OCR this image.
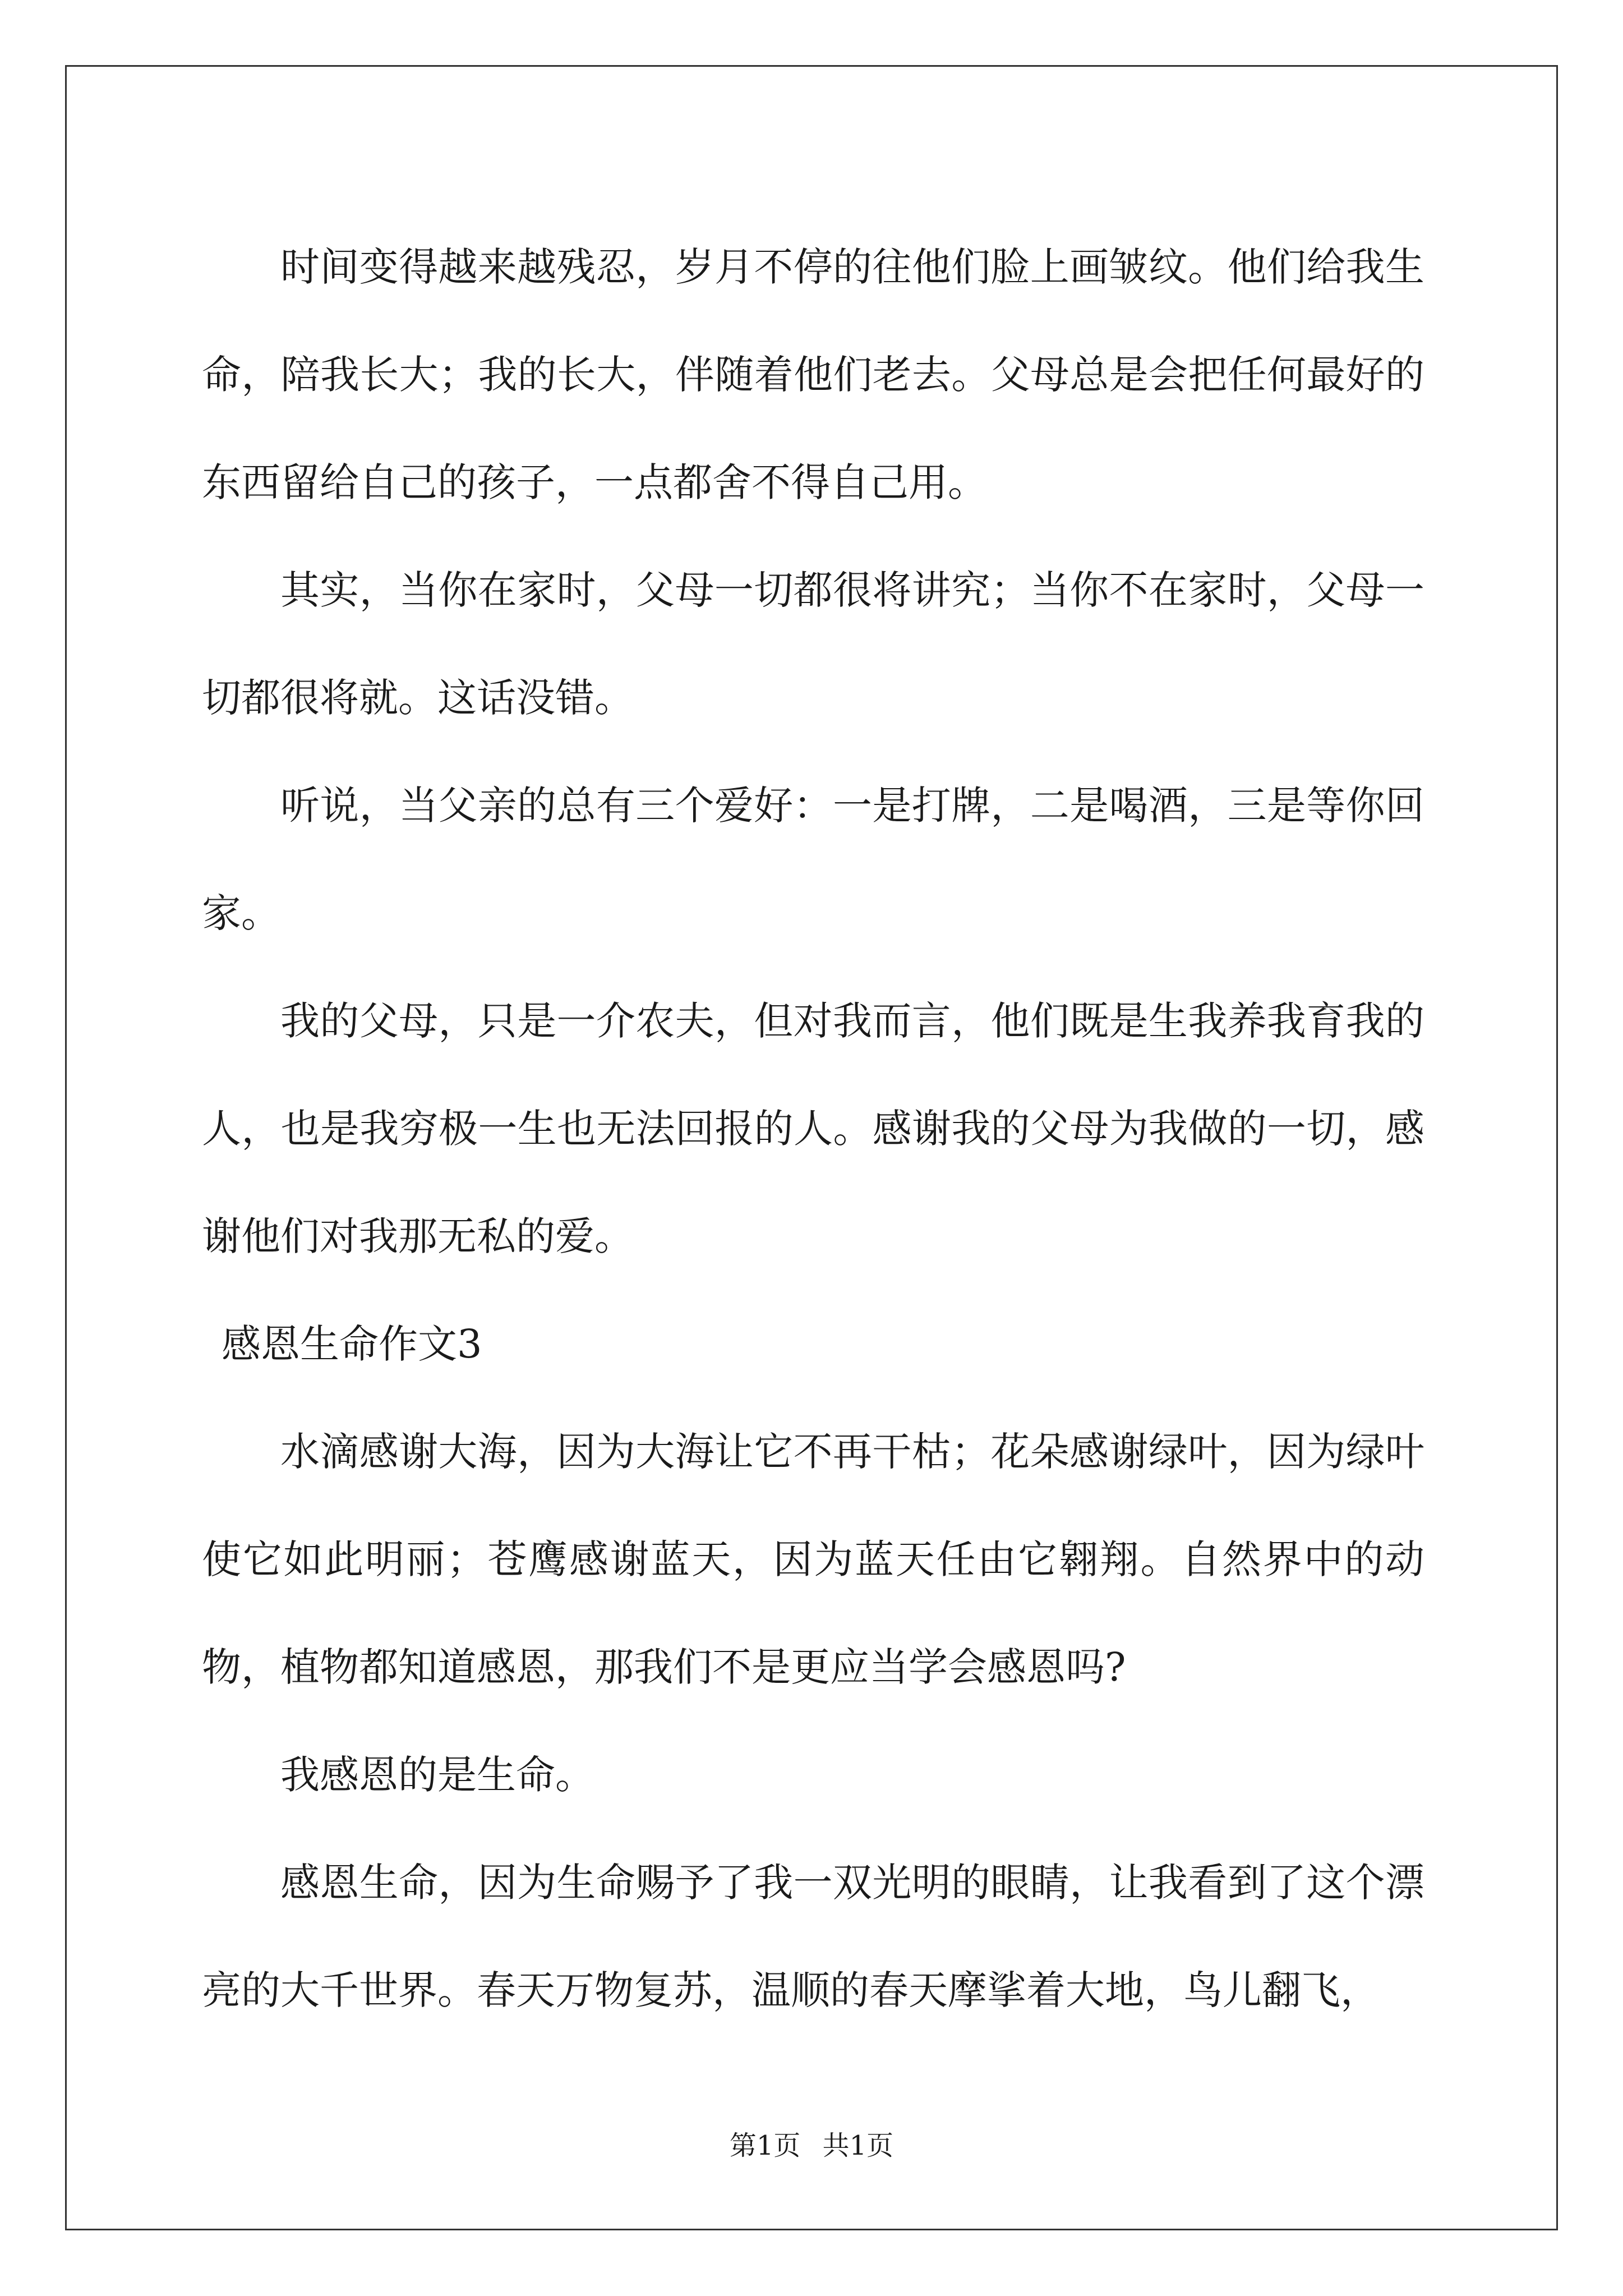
时间变得越来越残忍，岁月不停的往他们脸上画皱纹。他们给我生命，陪我长大；我的长大，伴随着他们老去。父母总是会把任何最好的东西留给自己的孩子，一点都舍不得自己用。

其实，当你在家时，父母一切都很将讲究；当你不在家时，父母一切都很将就。这话没错。

听说，当父亲的总有三个爱好：一是打牌，二是喝酒，三是等你回家。

我的父母，只是一介农夫，但对我而言，他们既是生我养我育我的人，也是我穷极一生也无法回报的人。感谢我的父母为我做的一切，感谢他们对我那无私的爱。

感恩生命作文3

水滴感谢大海，因为大海让它不再干枯；花朵感谢绿叶，因为绿叶使它如此明丽；苍鹰感谢蓝天，因为蓝天任由它翱翔。自然界中的动物，植物都知道感恩，那我们不是更应当学会感恩吗?

我感恩的是生命。

感恩生命，因为生命赐予了我一双光明的眼睛，让我看到了这个漂亮的大千世界。春天万物复苏，温顺的春天摩挲着大地，鸟儿翻飞，

第1页 共1页
